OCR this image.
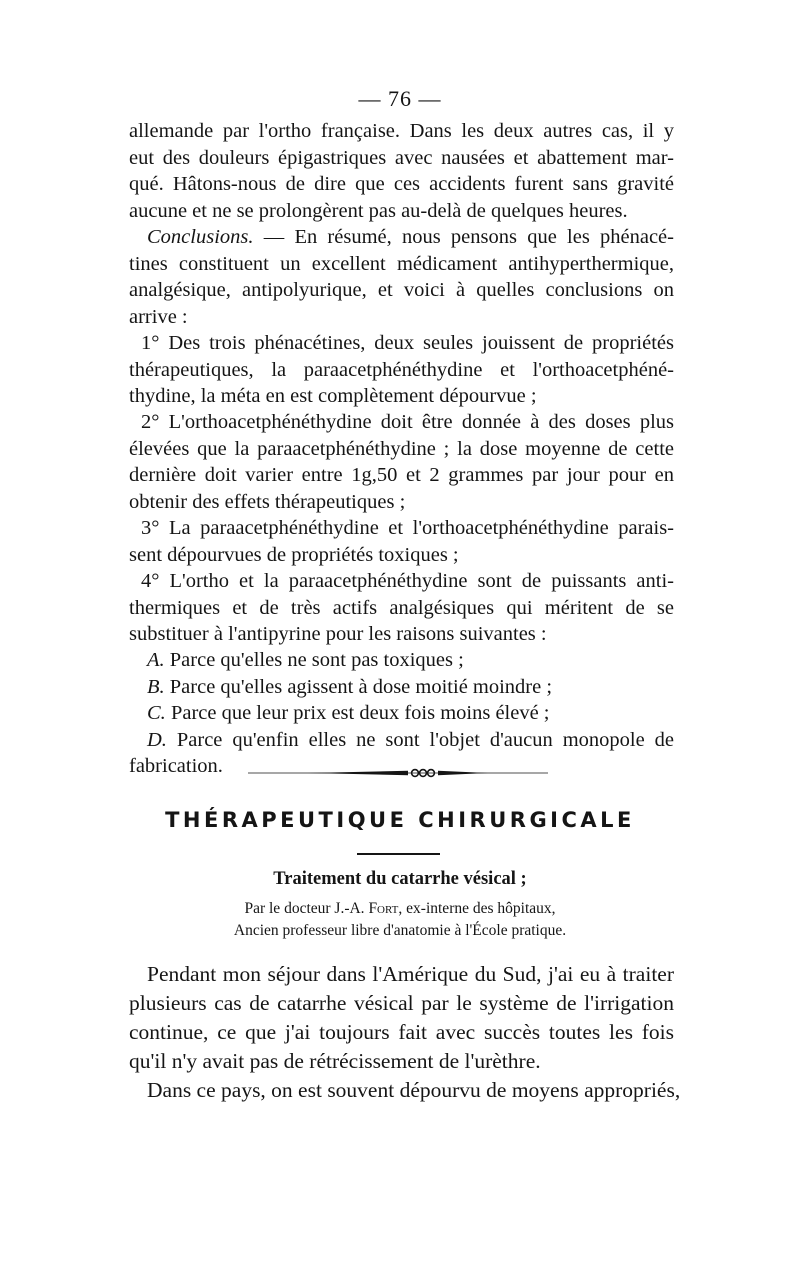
— 76 —
allemande par l'ortho française. Dans les deux autres cas, il y
eut des douleurs épigastriques avec nausées et abattement mar-
qué. Hâtons-nous de dire que ces accidents furent sans gravité
aucune et ne se prolongèrent pas au-delà de quelques heures.
Conclusions. — En résumé, nous pensons que les phénacé-
tines constituent un excellent médicament antihyperthermique,
analgésique, antipolyurique, et voici à quelles conclusions on
arrive :
1° Des trois phénacétines, deux seules jouissent de propriétés
thérapeutiques, la paraacetphénéthydine et l'orthoacetphéné-
thydine, la méta en est complètement dépourvue ;
2° L'orthoacetphénéthydine doit être donnée à des doses plus
élevées que la paraacetphénéthydine ; la dose moyenne de cette
dernière doit varier entre 1g,50 et 2 grammes par jour pour en
obtenir des effets thérapeutiques ;
3° La paraacetphénéthydine et l'orthoacetphénéthydine parais-
sent dépourvues de propriétés toxiques ;
4° L'ortho et la paraacetphénéthydine sont de puissants anti-
thermiques et de très actifs analgésiques qui méritent de se
substituer à l'antipyrine pour les raisons suivantes :
A. Parce qu'elles ne sont pas toxiques ;
B. Parce qu'elles agissent à dose moitié moindre ;
C. Parce que leur prix est deux fois moins élevé ;
D. Parce qu'enfin elles ne sont l'objet d'aucun monopole de
fabrication.
THÉRAPEUTIQUE CHIRURGICALE
Traitement du catarrhe vésical ;
Par le docteur J.-A. Fort, ex-interne des hôpitaux,
Ancien professeur libre d'anatomie à l'École pratique.
Pendant mon séjour dans l'Amérique du Sud, j'ai eu à traiter
plusieurs cas de catarrhe vésical par le système de l'irrigation
continue, ce que j'ai toujours fait avec succès toutes les fois
qu'il n'y avait pas de rétrécissement de l'urèthre.
Dans ce pays, on est souvent dépourvu de moyens appropriés,
